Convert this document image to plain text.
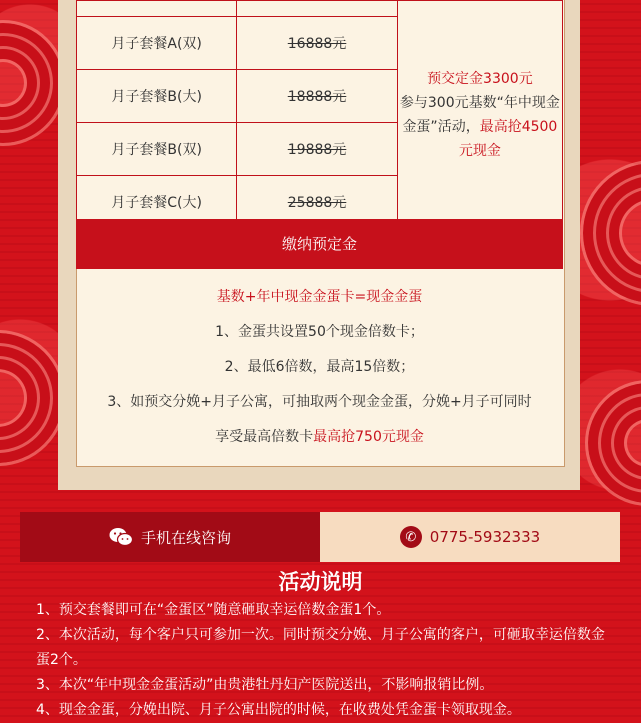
		预交定金3300元
参与300元基数“年中现金金蛋”活动，最高抢4500元现金
月子套餐A(双)	16888元	
月子套餐B(大)	18888元	
月子套餐B(双)	19888元	
月子套餐C(大)	25888元	
缴纳预定金
基数+年中现金金蛋卡=现金金蛋
1、金蛋共设置50个现金倍数卡；
2、最低6倍数，最高15倍数；
3、如预交分娩+月子公寓，可抽取两个现金金蛋，分娩+月子可同时
享受最高倍数卡最高抢750元现金
手机在线咨询	✆ 0775-5932333
活动说明

1、预交套餐即可在“金蛋区”随意砸取幸运倍数金蛋1个。

2、本次活动，每个客户只可参加一次。同时预交分娩、月子公寓的客户，可砸取幸运倍数金蛋2个。

3、本次“年中现金金蛋活动”由贵港牡丹妇产医院送出，不影响报销比例。

4、现金金蛋，分娩出院、月子公寓出院的时候，在收费处凭金蛋卡领取现金。
